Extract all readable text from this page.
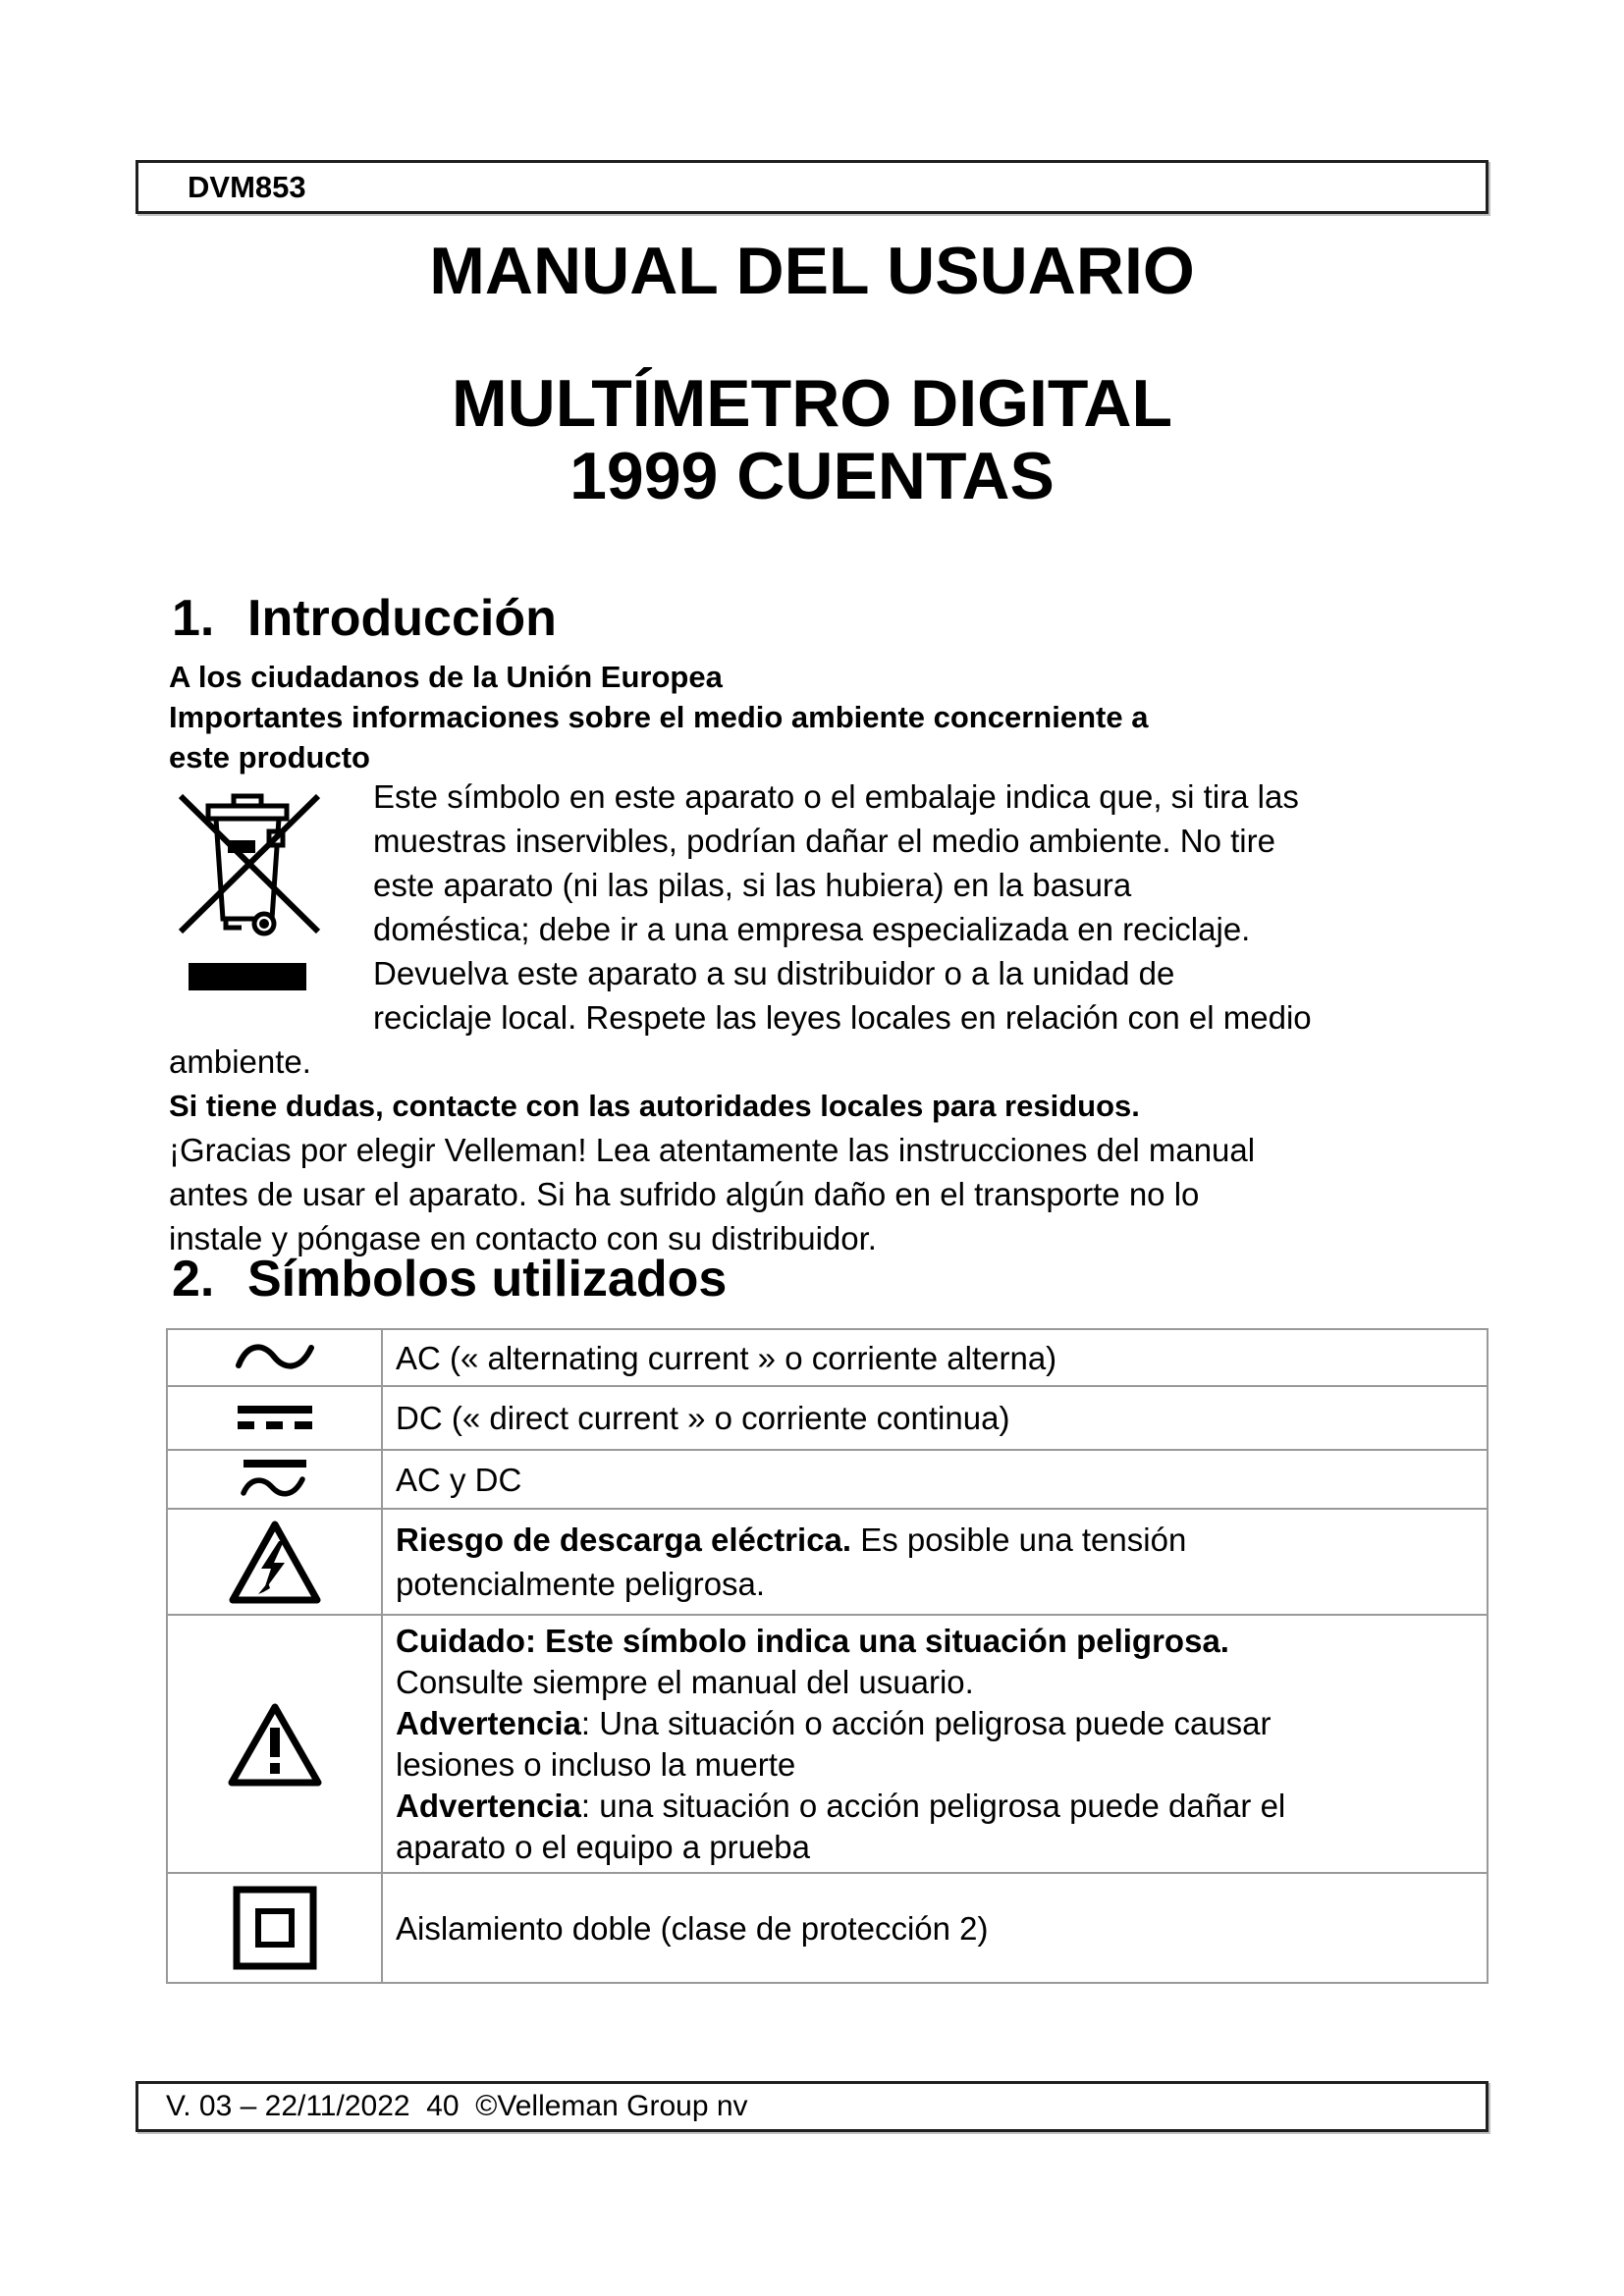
DVM853
MANUAL DEL USUARIO
MULTÍMETRO DIGITAL
1999 CUENTAS
1. Introducción
A los ciudadanos de la Unión Europea
Importantes informaciones sobre el medio ambiente concerniente a
este producto
Este símbolo en este aparato o el embalaje indica que, si tira las
muestras inservibles, podrían dañar el medio ambiente. No tire
este aparato (ni las pilas, si las hubiera) en la basura
doméstica; debe ir a una empresa especializada en reciclaje.
Devuelva este aparato a su distribuidor o a la unidad de
reciclaje local. Respete las leyes locales en relación con el medio
ambiente.
Si tiene dudas, contacte con las autoridades locales para residuos.
¡Gracias por elegir Velleman! Lea atentamente las instrucciones del manual
antes de usar el aparato. Si ha sufrido algún daño en el transporte no lo
instale y póngase en contacto con su distribuidor.
2. Símbolos utilizados
AC (« alternating current » o corriente alterna)
DC (« direct current » o corriente continua)
AC y DC
Riesgo de descarga eléctrica. Es posible una tensión
potencialmente peligrosa.
Cuidado: Este símbolo indica una situación peligrosa.
Consulte siempre el manual del usuario.
Advertencia: Una situación o acción peligrosa puede causar
lesiones o incluso la muerte
Advertencia: una situación o acción peligrosa puede dañar el
aparato o el equipo a prueba
Aislamiento doble (clase de protección 2)
V. 03 – 22/11/2022  40  ©Velleman Group nv
